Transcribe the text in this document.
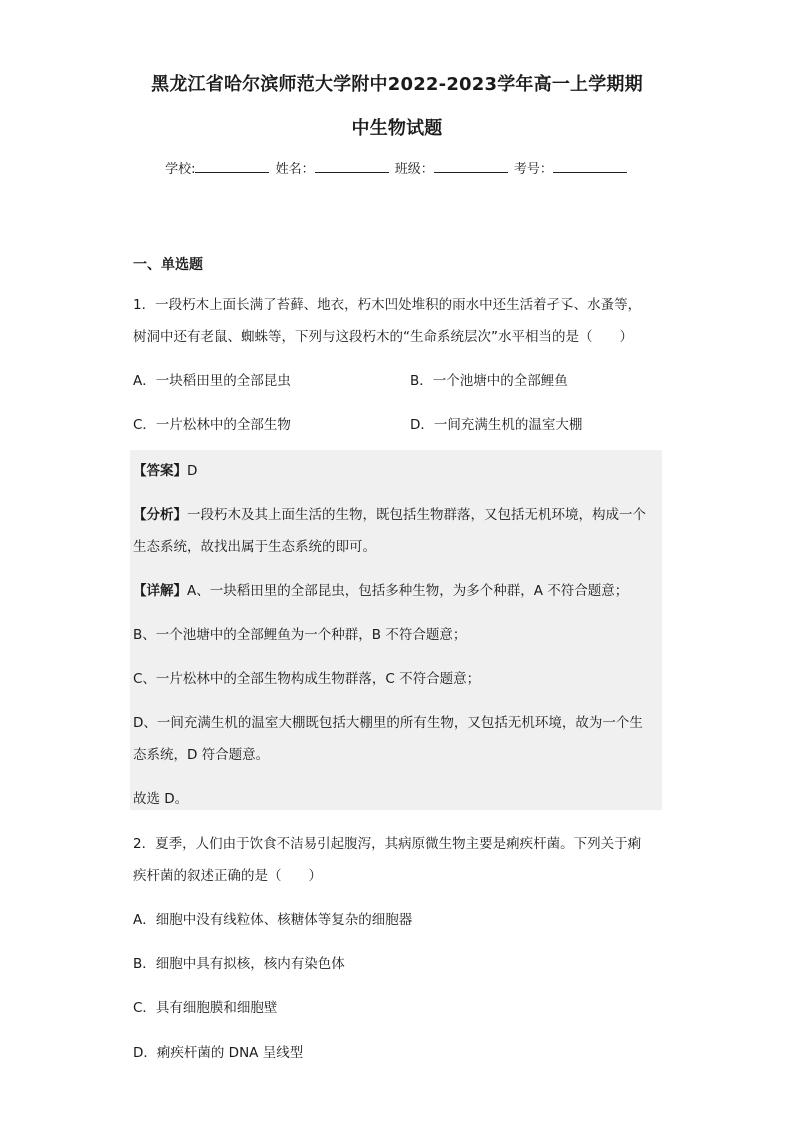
黑龙江省哈尔滨师范大学附中2022-2023学年高一上学期期
中生物试题
学校:	姓名：	班级：	考号：
一、单选题
1．一段朽木上面长满了苔藓、地衣，朽木凹处堆积的雨水中还生活着孑孓、水蚤等，
树洞中还有老鼠、蜘蛛等，下列与这段朽木的“生命系统层次”水平相当的是（　　）
A．一块稻田里的全部昆虫	B．一个池塘中的全部鲤鱼
C．一片松林中的全部生物	D．一间充满生机的温室大棚
【答案】D
【分析】一段朽木及其上面生活的生物，既包括生物群落，又包括无机环境，构成一个
生态系统，故找出属于生态系统的即可。
【详解】A、一块稻田里的全部昆虫，包括多种生物，为多个种群，A 不符合题意；
B、一个池塘中的全部鲤鱼为一个种群，B 不符合题意；
C、一片松林中的全部生物构成生物群落，C 不符合题意；
D、一间充满生机的温室大棚既包括大棚里的所有生物，又包括无机环境，故为一个生
态系统，D 符合题意。
故选 D。
2．夏季，人们由于饮食不洁易引起腹泻，其病原微生物主要是痢疾杆菌。下列关于痢
疾杆菌的叙述正确的是（　　）
A．细胞中没有线粒体、核糖体等复杂的细胞器
B．细胞中具有拟核，核内有染色体
C．具有细胞膜和细胞壁
D．痢疾杆菌的 DNA 呈线型
